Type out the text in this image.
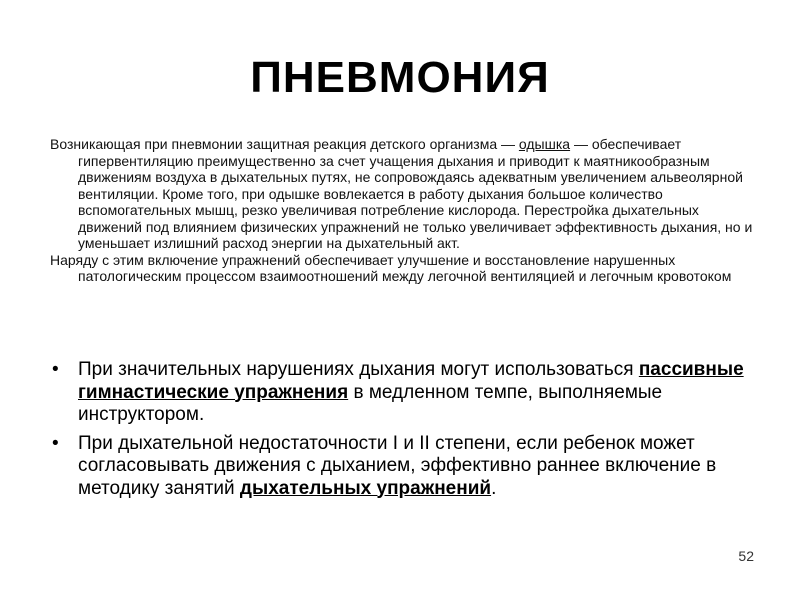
ПНЕВМОНИЯ

Возникающая при пневмонии защитная реакция детского организма — одышка — обеспечивает гипервентиляцию преимущественно за счет учащения дыхания и приводит к маятникообразным движениям воздуха в дыхательных путях, не сопровождаясь адекватным увеличением альвеолярной вентиляции. Кроме того, при одышке вовлекается в работу дыхания большое количество вспомогательных мышц, резко увеличивая потребление кислорода. Перестройка дыхательных движений под влиянием физических упражнений не только увеличивает эффективность дыхания, но и уменьшает излишний расход энергии на дыхательный акт.

Наряду с этим включение упражнений обеспечивает улучшение и восстановление нарушенных патологическим процессом взаимоотношений между легочной вентиляцией и легочным кровотоком

• При значительных нарушениях дыхания могут использоваться пассивные гимнастические упражнения в медленном темпе, выполняемые инструктором.
• При дыхательной недостаточности I и II степени, если ребенок может согласовывать движения с дыханием, эффективно раннее включение в методику занятий дыхательных упражнений.
52
